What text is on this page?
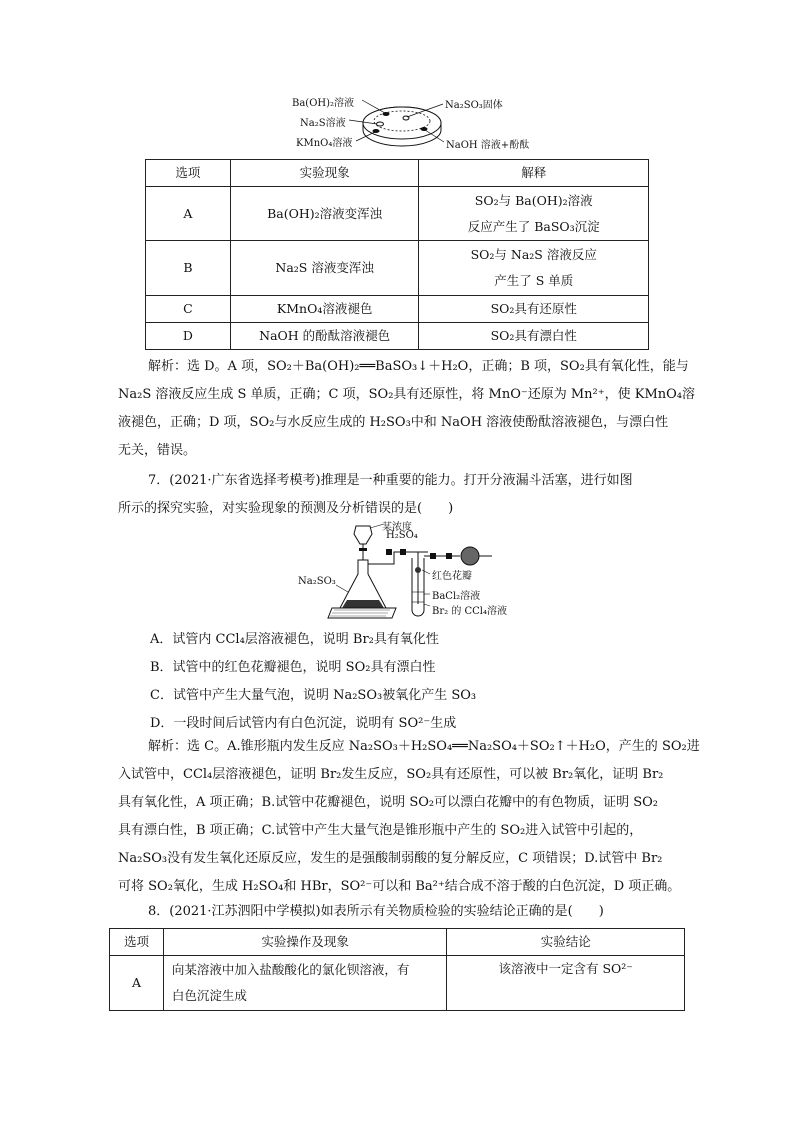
Ba(OH)₂溶液
Na₂S溶液
KMnO₄溶液
Na₂SO₃固体
NaOH 溶液+酚酞
选项	实验现象	解释
A	Ba(OH)₂溶液变浑浊	SO₂与 Ba(OH)₂溶液
反应产生了 BaSO₃沉淀

B	Na₂S 溶液变浑浊	SO₂与 Na₂S 溶液反应
产生了 S 单质

C	KMnO₄溶液褪色	SO₂具有还原性
D	NaOH 的酚酞溶液褪色	SO₂具有漂白性
解析：选 D。A 项，SO₂＋Ba(OH)₂══BaSO₃↓＋H₂O，正确；B 项，SO₂具有氧化性，能与
Na₂S 溶液反应生成 S 单质，正确；C 项，SO₂具有还原性，将 MnO⁻还原为 Mn²⁺，使 KMnO₄溶
液褪色，正确；D 项，SO₂与水反应生成的 H₂SO₃中和 NaOH 溶液使酚酞溶液褪色，与漂白性
无关，错误。
7．(2021·广东省选择考模考)推理是一种重要的能力。打开分液漏斗活塞，进行如图
所示的探究实验，对实验现象的预测及分析错误的是(　　)
某浓度
H₂SO₄
Na₂SO₃	红色花瓣
BaCl₂溶液
Br₂ 的 CCl₄溶液
A．试管内 CCl₄层溶液褪色，说明 Br₂具有氧化性
B．试管中的红色花瓣褪色，说明 SO₂具有漂白性
C．试管中产生大量气泡，说明 Na₂SO₃被氧化产生 SO₃
D．一段时间后试管内有白色沉淀，说明有 SO²⁻生成
解析：选 C。A.锥形瓶内发生反应 Na₂SO₃＋H₂SO₄══Na₂SO₄＋SO₂↑＋H₂O，产生的 SO₂进
入试管中，CCl₄层溶液褪色，证明 Br₂发生反应，SO₂具有还原性，可以被 Br₂氧化，证明 Br₂
具有氧化性，A 项正确；B.试管中花瓣褪色，说明 SO₂可以漂白花瓣中的有色物质，证明 SO₂
具有漂白性，B 项正确；C.试管中产生大量气泡是锥形瓶中产生的 SO₂进入试管中引起的，
Na₂SO₃没有发生氧化还原反应，发生的是强酸制弱酸的复分解反应，C 项错误；D.试管中 Br₂
可将 SO₂氧化，生成 H₂SO₄和 HBr，SO²⁻可以和 Ba²⁺结合成不溶于酸的白色沉淀，D 项正确。
8．(2021·江苏泗阳中学模拟)如表所示有关物质检验的实验结论正确的是(　　)
选项	实验操作及现象	实验结论
A	向某溶液中加入盐酸酸化的氯化钡溶液，有
白色沉淀生成	该溶液中一定含有 SO²⁻
